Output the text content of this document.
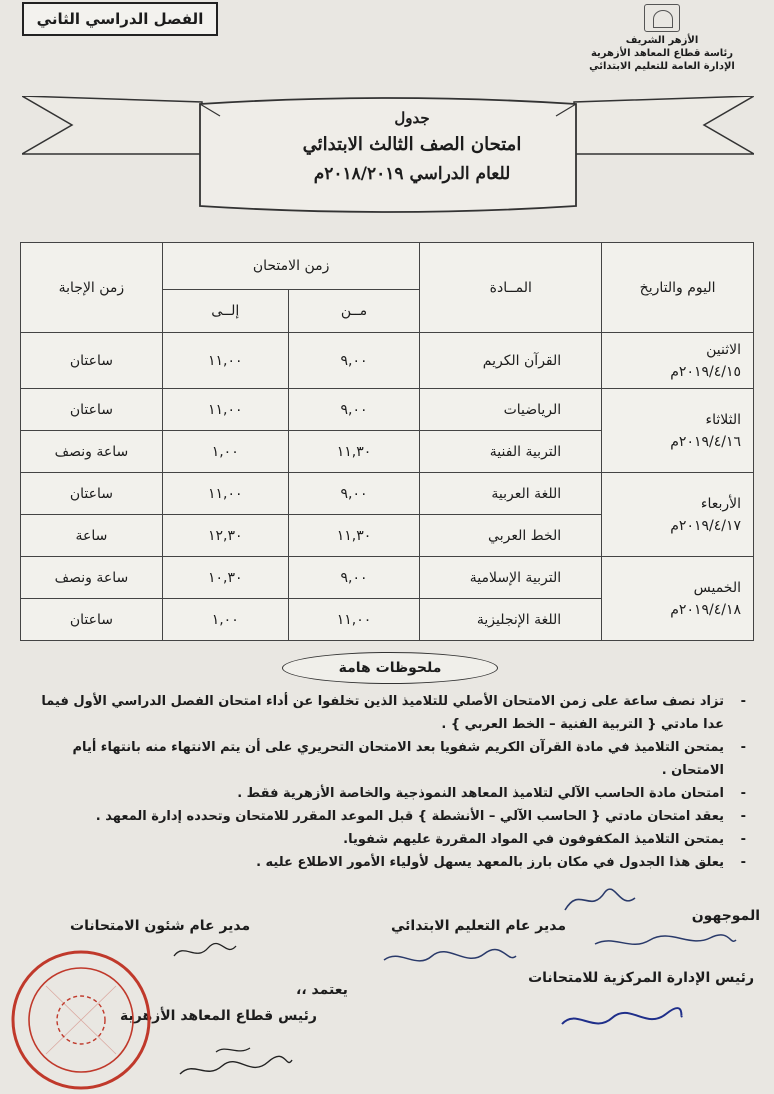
الفصل الدراسي الثاني
الأزهر الشريف
رئاسة قطاع المعاهد الأزهرية
الإدارة العامة للتعليم الابتدائي
جدول
امتحان الصف الثالث الابتدائي
للعام الدراسي ٢٠١٨/٢٠١٩م
اليوم والتاريخ	المــادة	زمن الامتحان		زمن الإجابة
		مــن	إلــى	

الاثنين
٢٠١٩/٤/١٥م	القرآن الكريم	٩,٠٠	١١,٠٠	ساعتان

الثلاثاء
٢٠١٩/٤/١٦م	الرياضيات	٩,٠٠	١١,٠٠	ساعتان
	التربية الفنية	١١,٣٠	١,٠٠	ساعة ونصف

الأربعاء
٢٠١٩/٤/١٧م	اللغة العربية	٩,٠٠	١١,٠٠	ساعتان
	الخط العربي	١١,٣٠	١٢,٣٠	ساعة

الخميس
٢٠١٩/٤/١٨م	التربية الإسلامية	٩,٠٠	١٠,٣٠	ساعة ونصف
	اللغة الإنجليزية	١١,٠٠	١,٠٠	ساعتان
ملحوظات هامة
- تزاد نصف ساعة على زمن الامتحان الأصلي للتلاميذ الذين تخلفوا عن أداء امتحان الفصل الدراسي الأول فيما عدا مادتي { التربية الفنية – الخط العربي } .
- يمتحن التلاميذ في مادة القرآن الكريم شفويا بعد الامتحان التحريري على أن يتم الانتهاء منه بانتهاء أيام الامتحان .
- امتحان مادة الحاسب الآلي لتلاميذ المعاهد النموذجية والخاصة الأزهرية فقط .
- يعقد امتحان مادتي { الحاسب الآلي – الأنشطة } قبل الموعد المقرر للامتحان وتحدده إدارة المعهد .
- يمتحن التلاميذ المكفوفون في المواد المقررة عليهم شفويا.
- يعلق هذا الجدول في مكان بارز بالمعهد يسهل لأولياء الأمور الاطلاع عليه .
الموجهون
مدير عام التعليم الابتدائي
مدير عام شئون الامتحانات
رئيس الإدارة المركزية للامتحانات
يعتمد ،،
رئيس قطاع المعاهد الأزهرية
